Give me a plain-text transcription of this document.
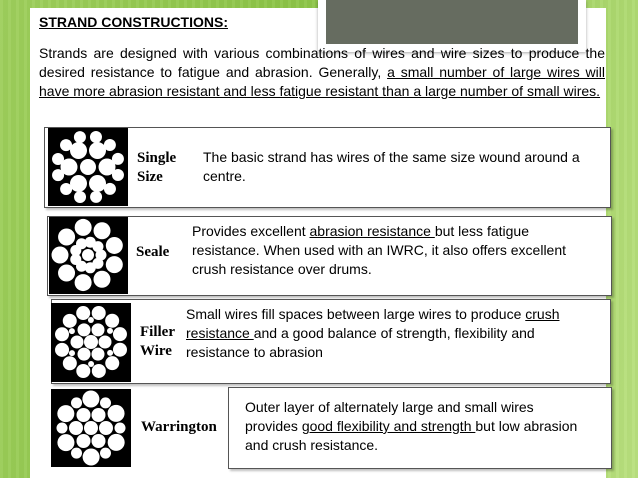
STRAND CONSTRUCTIONS:

Strands are designed with various combinations of wires and wire sizes to produce the desired resistance to fatigue and abrasion. Generally, a small number of large wires will have more abrasion resistant and less fatigue resistant than a large number of small wires.

Single
Size
The basic strand has wires of the same size wound around a centre.
Seale
Provides excellent abrasion resistance but less fatigue resistance. When used with an IWRC, it also offers excellent crush resistance over drums.
Filler
Wire
Small wires fill spaces between large wires to produce crush resistance and a good balance of strength, flexibility and resistance to abrasion
Warrington
Outer layer of alternately large and small wires provides good flexibility and strength but low abrasion and crush resistance.
